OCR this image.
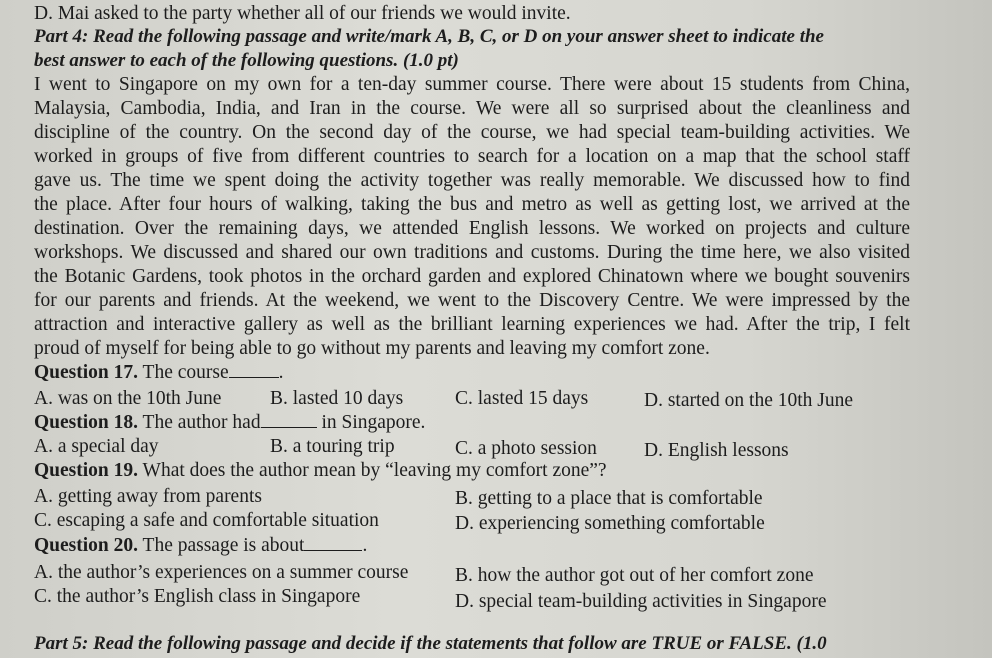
D. Mai asked to the party whether all of our friends we would invite.
Part 4: Read the following passage and write/mark A, B, C, or D on your answer sheet to indicate the
best answer to each of the following questions. (1.0 pt)
I went to Singapore on my own for a ten-day summer course. There were about 15 students from China,
Malaysia, Cambodia, India, and Iran in the course. We were all so surprised about the cleanliness and
discipline of the country. On the second day of the course, we had special team-building activities. We
worked in groups of five from different countries to search for a location on a map that the school staff
gave us. The time we spent doing the activity together was really memorable. We discussed how to find
the place. After four hours of walking, taking the bus and metro as well as getting lost, we arrived at the
destination. Over the remaining days, we attended English lessons. We worked on projects and culture
workshops. We discussed and shared our own traditions and customs. During the time here, we also visited
the Botanic Gardens, took photos in the orchard garden and explored Chinatown where we bought souvenirs
for our parents and friends. At the weekend, we went to the Discovery Centre. We were impressed by the
attraction and interactive gallery as well as the brilliant learning experiences we had. After the trip, I felt
proud of myself for being able to go without my parents and leaving my comfort zone.
Question 17. The course	.
A. was on the 10th June B. lasted 10 days	C. lasted 15 days	D. started on the 10th June
Question 18. The author had	in Singapore.
A. a special day	B. a touring trip	C. a photo session D. English lessons
Question 19. What does the author mean by “leaving my comfort zone”?
A. getting away from parents	B. getting to a place that is comfortable
C. escaping a safe and comfortable situation	D. experiencing something comfortable
Question 20. The passage is about	.
A. the author’s experiences on a summer course B. how the author got out of her comfort zone
C. the author’s English class in Singapore	D. special team-building activities in Singapore
Part 5: Read the following passage and decide if the statements that follow are TRUE or FALSE. (1.0
